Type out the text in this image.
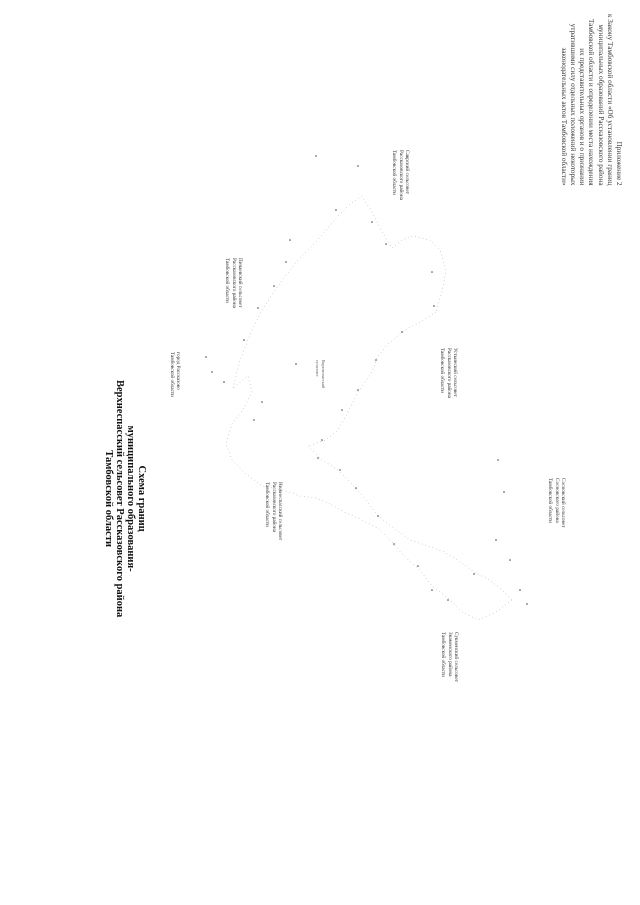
Приложение 2
к Закону Тамбовской области «Об установлении границ
муниципальных образований Рассказовского района
Тамбовской области и определении места нахождения
их представительных органов и о признании
утратившими силу отдельных положений некоторых
законодательных актов Тамбовской области»
Схема границ
муниципального образования-
Верхнеспасский сельсовет Рассказовского района
Тамбовской области
город Рассказово
Тамбовской области
Пичаевский сельсовет
Рассказовского района
Тамбовской области
Саврский сельсовет
Рассказовского района
Тамбовской области
Верхнеспасский
сельсовет	Устьинский сельсовет
Рассказовского района
Тамбовской области
Нижнеспасский сельсовет
Рассказовского района
Тамбовской области	Сосновский сельсовет
Сосновского района
Тамбовской области
Сукменский сельсовет
Знаменского района
Тамбовской области
